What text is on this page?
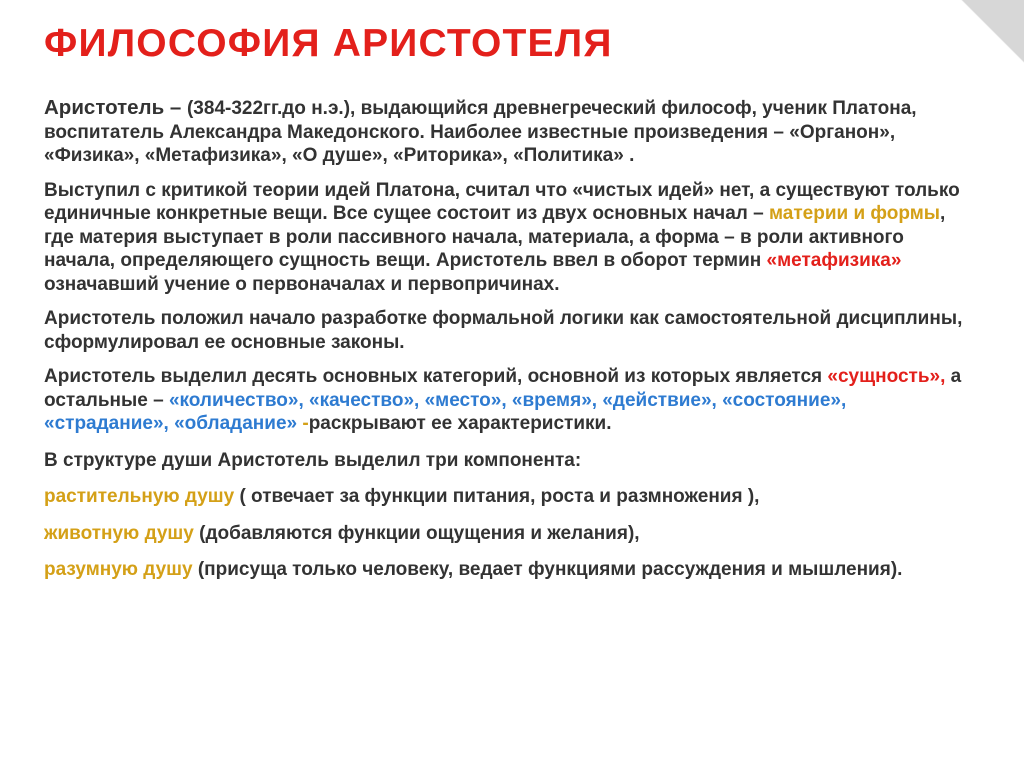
ФИЛОСОФИЯ АРИСТОТЕЛЯ

Аристотель – (384-322гг.до н.э.), выдающийся древнегреческий философ, ученик Платона, воспитатель Александра Македонского. Наиболее известные произведения – «Органон», «Физика», «Метафизика», «О душе», «Риторика», «Политика» .

Выступил с критикой теории идей Платона, считал что «чистых идей» нет, а существуют только единичные конкретные вещи. Все сущее состоит из двух основных начал – материи и формы, где материя выступает в роли пассивного начала, материала, а форма – в роли активного начала, определяющего сущность вещи. Аристотель ввел в оборот термин «метафизика» означавший учение о первоначалах и первопричинах.

Аристотель положил начало разработке формальной логики как самостоятельной дисциплины, сформулировал ее основные законы.

Аристотель выделил десять основных категорий, основной из которых является «сущность», а остальные – «количество», «качество», «место», «время», «действие», «состояние», «страдание», «обладание» -раскрывают ее характеристики.

В структуре души Аристотель выделил три компонента:

растительную душу ( отвечает за функции питания, роста и размножения ),

животную душу (добавляются функции ощущения и желания),

разумную душу (присуща только человеку, ведает функциями рассуждения и мышления).
